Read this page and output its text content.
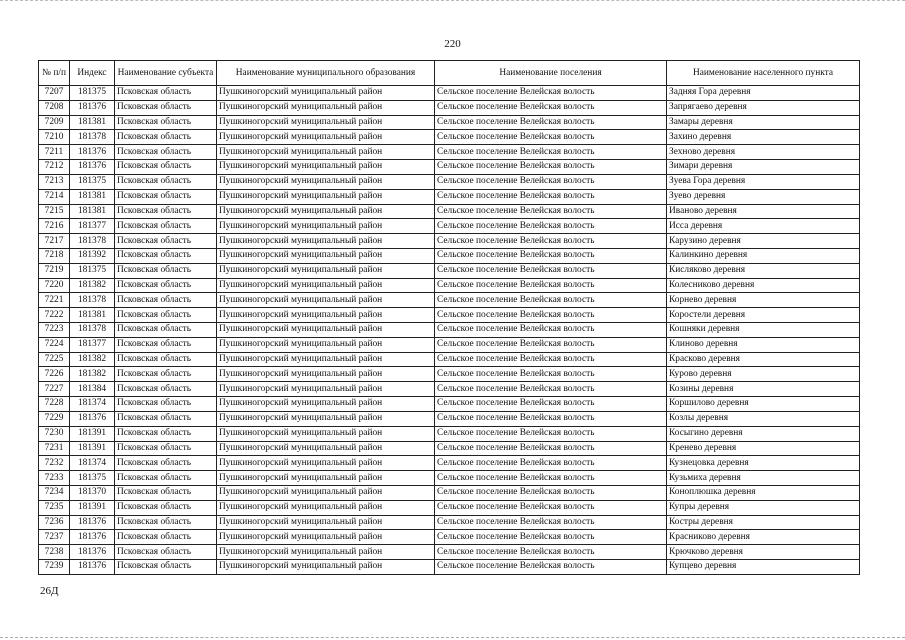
220
№ п/п	Индекс	Наименование субъекта	Наименование муниципального образования	Наименование поселения	Наименование населенного пункта
7207	181375	Псковская область	Пушкиногорский муниципальный район	Сельское поселение Велейская волость	Задняя Гора деревня
7208	181376	Псковская область	Пушкиногорский муниципальный район	Сельское поселение Велейская волость	Запрягаево деревня
7209	181381	Псковская область	Пушкиногорский муниципальный район	Сельское поселение Велейская волость	Замары деревня
7210	181378	Псковская область	Пушкиногорский муниципальный район	Сельское поселение Велейская волость	Захино деревня
7211	181376	Псковская область	Пушкиногорский муниципальный район	Сельское поселение Велейская волость	Зехново деревня
7212	181376	Псковская область	Пушкиногорский муниципальный район	Сельское поселение Велейская волость	Зимари деревня
7213	181375	Псковская область	Пушкиногорский муниципальный район	Сельское поселение Велейская волость	Зуева Гора деревня
7214	181381	Псковская область	Пушкиногорский муниципальный район	Сельское поселение Велейская волость	Зуево деревня
7215	181381	Псковская область	Пушкиногорский муниципальный район	Сельское поселение Велейская волость	Иваново деревня
7216	181377	Псковская область	Пушкиногорский муниципальный район	Сельское поселение Велейская волость	Исса деревня
7217	181378	Псковская область	Пушкиногорский муниципальный район	Сельское поселение Велейская волость	Карузино деревня
7218	181392	Псковская область	Пушкиногорский муниципальный район	Сельское поселение Велейская волость	Калинкино деревня
7219	181375	Псковская область	Пушкиногорский муниципальный район	Сельское поселение Велейская волость	Кисляково деревня
7220	181382	Псковская область	Пушкиногорский муниципальный район	Сельское поселение Велейская волость	Колесниково деревня
7221	181378	Псковская область	Пушкиногорский муниципальный район	Сельское поселение Велейская волость	Корнево деревня
7222	181381	Псковская область	Пушкиногорский муниципальный район	Сельское поселение Велейская волость	Коростели деревня
7223	181378	Псковская область	Пушкиногорский муниципальный район	Сельское поселение Велейская волость	Кошняки деревня
7224	181377	Псковская область	Пушкиногорский муниципальный район	Сельское поселение Велейская волость	Клиново деревня
7225	181382	Псковская область	Пушкиногорский муниципальный район	Сельское поселение Велейская волость	Красково деревня
7226	181382	Псковская область	Пушкиногорский муниципальный район	Сельское поселение Велейская волость	Курово деревня
7227	181384	Псковская область	Пушкиногорский муниципальный район	Сельское поселение Велейская волость	Козины деревня
7228	181374	Псковская область	Пушкиногорский муниципальный район	Сельское поселение Велейская волость	Коршилово деревня
7229	181376	Псковская область	Пушкиногорский муниципальный район	Сельское поселение Велейская волость	Козлы деревня
7230	181391	Псковская область	Пушкиногорский муниципальный район	Сельское поселение Велейская волость	Косыгино деревня
7231	181391	Псковская область	Пушкиногорский муниципальный район	Сельское поселение Велейская волость	Кренево деревня
7232	181374	Псковская область	Пушкиногорский муниципальный район	Сельское поселение Велейская волость	Кузнецовка деревня
7233	181375	Псковская область	Пушкиногорский муниципальный район	Сельское поселение Велейская волость	Кузьмиха деревня
7234	181370	Псковская область	Пушкиногорский муниципальный район	Сельское поселение Велейская волость	Коноплюшка деревня
7235	181391	Псковская область	Пушкиногорский муниципальный район	Сельское поселение Велейская волость	Купры деревня
7236	181376	Псковская область	Пушкиногорский муниципальный район	Сельское поселение Велейская волость	Костры деревня
7237	181376	Псковская область	Пушкиногорский муниципальный район	Сельское поселение Велейская волость	Красниково деревня
7238	181376	Псковская область	Пушкиногорский муниципальный район	Сельское поселение Велейская волость	Крючково деревня
7239	181376	Псковская область	Пушкиногорский муниципальный район	Сельское поселение Велейская волость	Купцево деревня
26Д
